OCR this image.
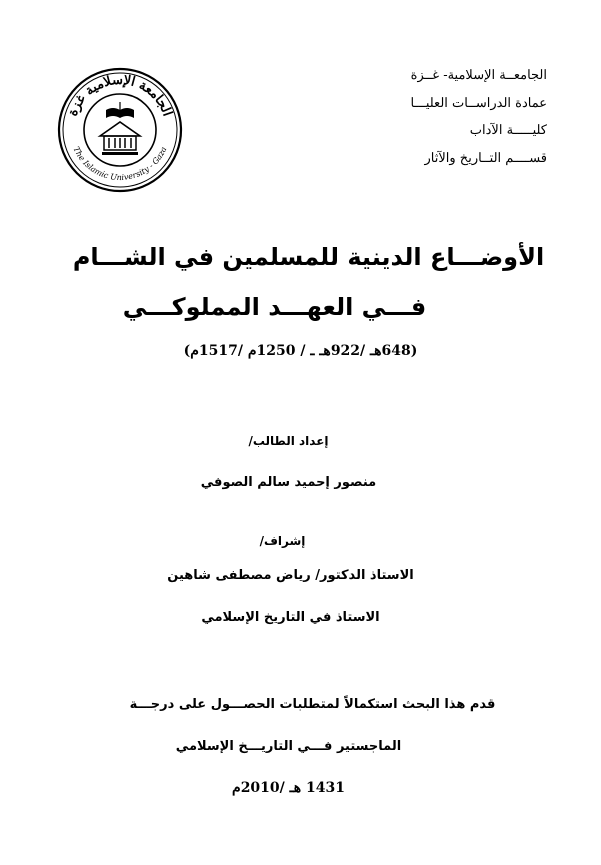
ﺍﻟﺠﺎﻣﻌﺔ ﺍﻹﺳﻼﻣﻴﺔ ﻏﺰﺓ
The Islamic University - Gaza
الجامعــة الإسلامية- غــزة
عمادة الدراســات العليـــا
كليـــــة الآداب
قســــم التــاريخ والآثار
الأوضـــاع الدينية للمسلمين في الشـــام
فـــي العهـــد المملوكـــي
(648هـ /922هـ ـ / 1250م /1517م)
إعداد الطالب/
منصور إحميد سالم الصوفي
إشراف/
الاستاذ الدكتور/ رياض مصطفى شاهين
الاستاذ في التاريخ الإسلامي
قدم هذا البحث استكمالاً لمتطلبات الحصـــول على درجـــة
الماجستير فـــي التاريـــخ الإسلامي
1431 هـ /2010م
